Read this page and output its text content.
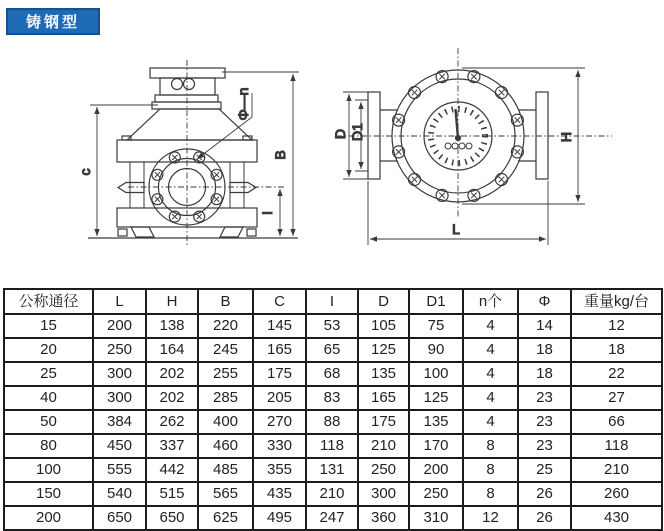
铸钢型
c
B
I
Φ—n
D D1	H
L
公称通径	L	H	B	C	I	D	D1	n个	Φ	重量kg/台
15	200	138	220	145	53	105	75	4	14	12
20	250	164	245	165	65	125	90	4	18	18
25	300	202	255	175	68	135	100	4	18	22
40	300	202	285	205	83	165	125	4	23	27
50	384	262	400	270	88	175	135	4	23	66
80	450	337	460	330	118	210	170	8	23	118
100	555	442	485	355	131	250	200	8	25	210
150	540	515	565	435	210	300	250	8	26	260
200	650	650	625	495	247	360	310	12	26	430
